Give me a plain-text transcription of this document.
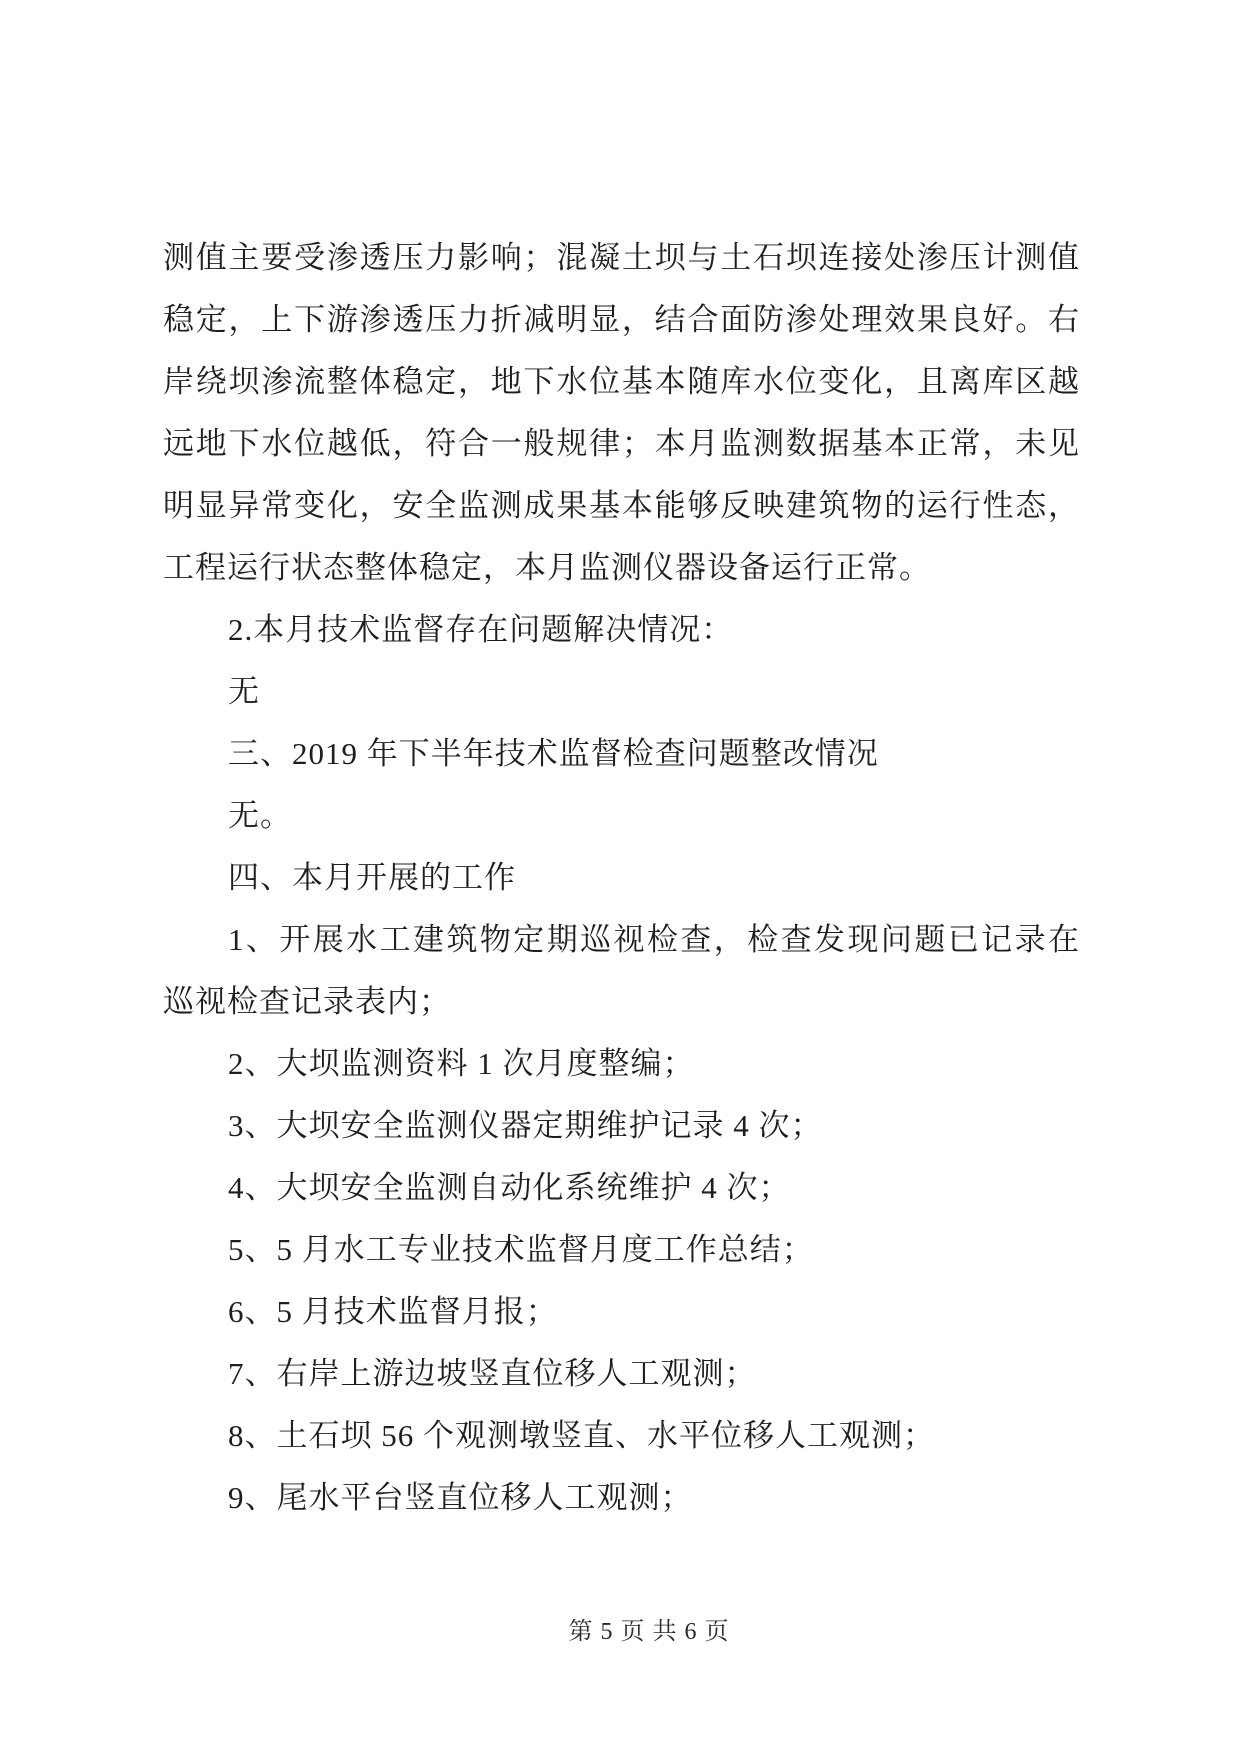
测值主要受渗透压力影响；混凝土坝与土石坝连接处渗压计测值
稳定，上下游渗透压力折减明显，结合面防渗处理效果良好。右
岸绕坝渗流整体稳定，地下水位基本随库水位变化，且离库区越
远地下水位越低，符合一般规律；本月监测数据基本正常，未见
明显异常变化，安全监测成果基本能够反映建筑物的运行性态，
工程运行状态整体稳定，本月监测仪器设备运行正常。
2.本月技术监督存在问题解决情况：
无
三、2019 年下半年技术监督检查问题整改情况
无。
四、本月开展的工作
1、开展水工建筑物定期巡视检查，检查发现问题已记录在
巡视检查记录表内；
2、大坝监测资料 1 次月度整编；
3、大坝安全监测仪器定期维护记录 4 次；
4、大坝安全监测自动化系统维护 4 次；
5、5 月水工专业技术监督月度工作总结；
6、5 月技术监督月报；
7、右岸上游边坡竖直位移人工观测；
8、土石坝 56 个观测墩竖直、水平位移人工观测；
9、尾水平台竖直位移人工观测；
第 5 页 共 6 页
